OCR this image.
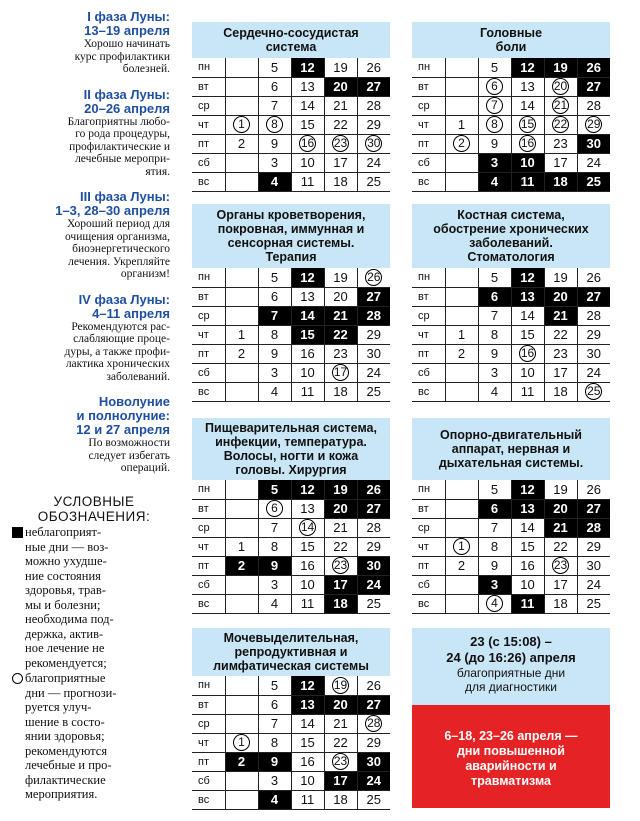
I фаза Луны:
13–19 апреля
Хорошо начинать
курс профилактики
болезней.
II фаза Луны:
20–26 апреля
Благоприятны любо-
го рода процедуры,
профилактические и
лечебные меропри-
ятия.
III фаза Луны:
1–3, 28–30 апреля
Хороший период для
очищения организма,
биоэнергетического
лечения. Укрепляйте
организм!
IV фаза Луны:
4–11 апреля
Рекомендуются рас-
слабляющие проце-
дуры, а также профи-
лактика хронических
заболеваний.
Новолуние
и полнолуние:
12 и 27 апреля
По возможности
следует избегать
операций.
УСЛОВНЫЕ
ОБОЗНАЧЕНИЯ:
неблагоприят-
ные дни — воз-
можно ухудше-
ние состояния
здоровья, трав-
мы и болезни;
необходима под-
держка, актив-
ное лечение не
рекомендуется;
благоприятные
дни — прогнози-
руется улуч-
шение в состо-
янии здоровья;
рекомендуются
лечебные и про-
филактические
мероприятия.
Сердечно-сосудистая
система
пн		5	12	19	26
вт		6	13	20	27
ср		7	14	21	28
чт	1	8	15	22	29
пт	2	9	16	23	30
сб		3	10	17	24
вс		4	11	18	25
Головные
боли
пн		5	12	19	26
вт		6	13	20	27
ср		7	14	21	28
чт	1	8	15	22	29
пт	2	9	16	23	30
сб		3	10	17	24
вс		4	11	18	25
Органы кроветворения,
покровная, иммунная и
сенсорная системы.
Терапия
пн		5	12	19	26
вт		6	13	20	27
ср		7	14	21	28
чт	1	8	15	22	29
пт	2	9	16	23	30
сб		3	10	17	24
вс		4	11	18	25
Костная система,
обострение хронических
заболеваний.
Стоматология
пн		5	12	19	26
вт		6	13	20	27
ср		7	14	21	28
чт	1	8	15	22	29
пт	2	9	16	23	30
сб		3	10	17	24
вс		4	11	18	25
Пищеварительная система,
инфекции, температура.
Волосы, ногти и кожа
головы. Хирургия
пн		5	12	19	26
вт		6	13	20	27
ср		7	14	21	28
чт	1	8	15	22	29
пт	2	9	16	23	30
сб		3	10	17	24
вс		4	11	18	25
Опорно-двигательный
аппарат, нервная и
дыхательная системы.
пн		5	12	19	26
вт		6	13	20	27
ср		7	14	21	28
чт	1	8	15	22	29
пт	2	9	16	23	30
сб		3	10	17	24
вс		4	11	18	25
Мочевыделительная,
репродуктивная и
лимфатическая системы
пн		5	12	19	26
вт		6	13	20	27
ср		7	14	21	28
чт	1	8	15	22	29
пт	2	9	16	23	30
сб		3	10	17	24
вс		4	11	18	25
23 (с 15:08) –
24 (до 16:26) апреля
благоприятные дни
для диагностики
6–18, 23–26 апреля —
дни повышенной
аварийности и
травматизма
